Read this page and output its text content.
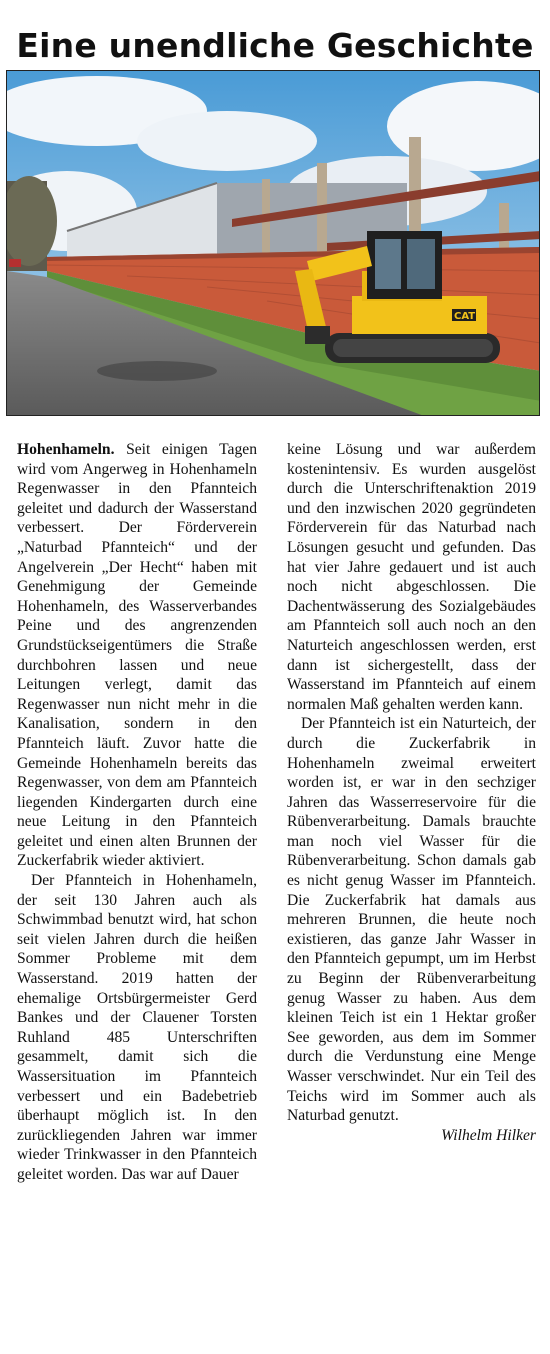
Eine unendliche Geschichte
CAT

Hohenhameln. Seit einigen Tagen wird vom Angerweg in Hohenhameln Regenwasser in den Pfannteich geleitet und dadurch der Wasserstand verbessert. Der Förderverein „Naturbad Pfannteich“ und der Angelverein „Der Hecht“ haben mit Genehmigung der Gemeinde Hohenhameln, des Wasserverbandes Peine und des angrenzenden Grundstückseigentümers die Straße durchbohren lassen und neue Leitungen verlegt, damit das Regenwasser nun nicht mehr in die Kanalisation, sondern in den Pfannteich läuft. Zuvor hatte die Gemeinde Hohenhameln bereits das Regenwasser, von dem am Pfannteich liegenden Kindergarten durch eine neue Leitung in den Pfannteich geleitet und einen alten Brunnen der Zuckerfabrik wieder aktiviert.

Der Pfannteich in Hohenhameln, der seit 130 Jahren auch als Schwimmbad benutzt wird, hat schon seit vielen Jahren durch die heißen Sommer Probleme mit dem Wasserstand. 2019 hatten der ehemalige Ortsbürgermeister Gerd Bankes und der Clauener Torsten Ruhland 485 Unterschriften gesammelt, damit sich die Wassersituation im Pfannteich verbessert und ein Badebetrieb überhaupt möglich ist. In den zurückliegenden Jahren war immer wieder Trinkwasser in den Pfannteich geleitet worden. Das war auf Dauer

keine Lösung und war außerdem kostenintensiv. Es wurden ausgelöst durch die Unterschriftenaktion 2019 und den inzwischen 2020 gegründeten Förderverein für das Naturbad nach Lösungen gesucht und gefunden. Das hat vier Jahre gedauert und ist auch noch nicht abgeschlossen. Die Dachentwässerung des Sozialgebäudes am Pfannteich soll auch noch an den Naturteich angeschlossen werden, erst dann ist sichergestellt, dass der Wasserstand im Pfannteich auf einem normalen Maß gehalten werden kann.

Der Pfannteich ist ein Naturteich, der durch die Zuckerfabrik in Hohenhameln zweimal erweitert worden ist, er war in den sechziger Jahren das Wasserreservoire für die Rübenverarbeitung. Damals brauchte man noch viel Wasser für die Rübenverarbeitung. Schon damals gab es nicht genug Wasser im Pfannteich. Die Zuckerfabrik hat damals aus mehreren Brunnen, die heute noch existieren, das ganze Jahr Wasser in den Pfannteich gepumpt, um im Herbst zu Beginn der Rübenverarbeitung genug Wasser zu haben. Aus dem kleinen Teich ist ein 1 Hektar großer See geworden, aus dem im Sommer durch die Verdunstung eine Menge Wasser verschwindet. Nur ein Teil des Teichs wird im Sommer auch als Naturbad genutzt.

Wilhelm Hilker
